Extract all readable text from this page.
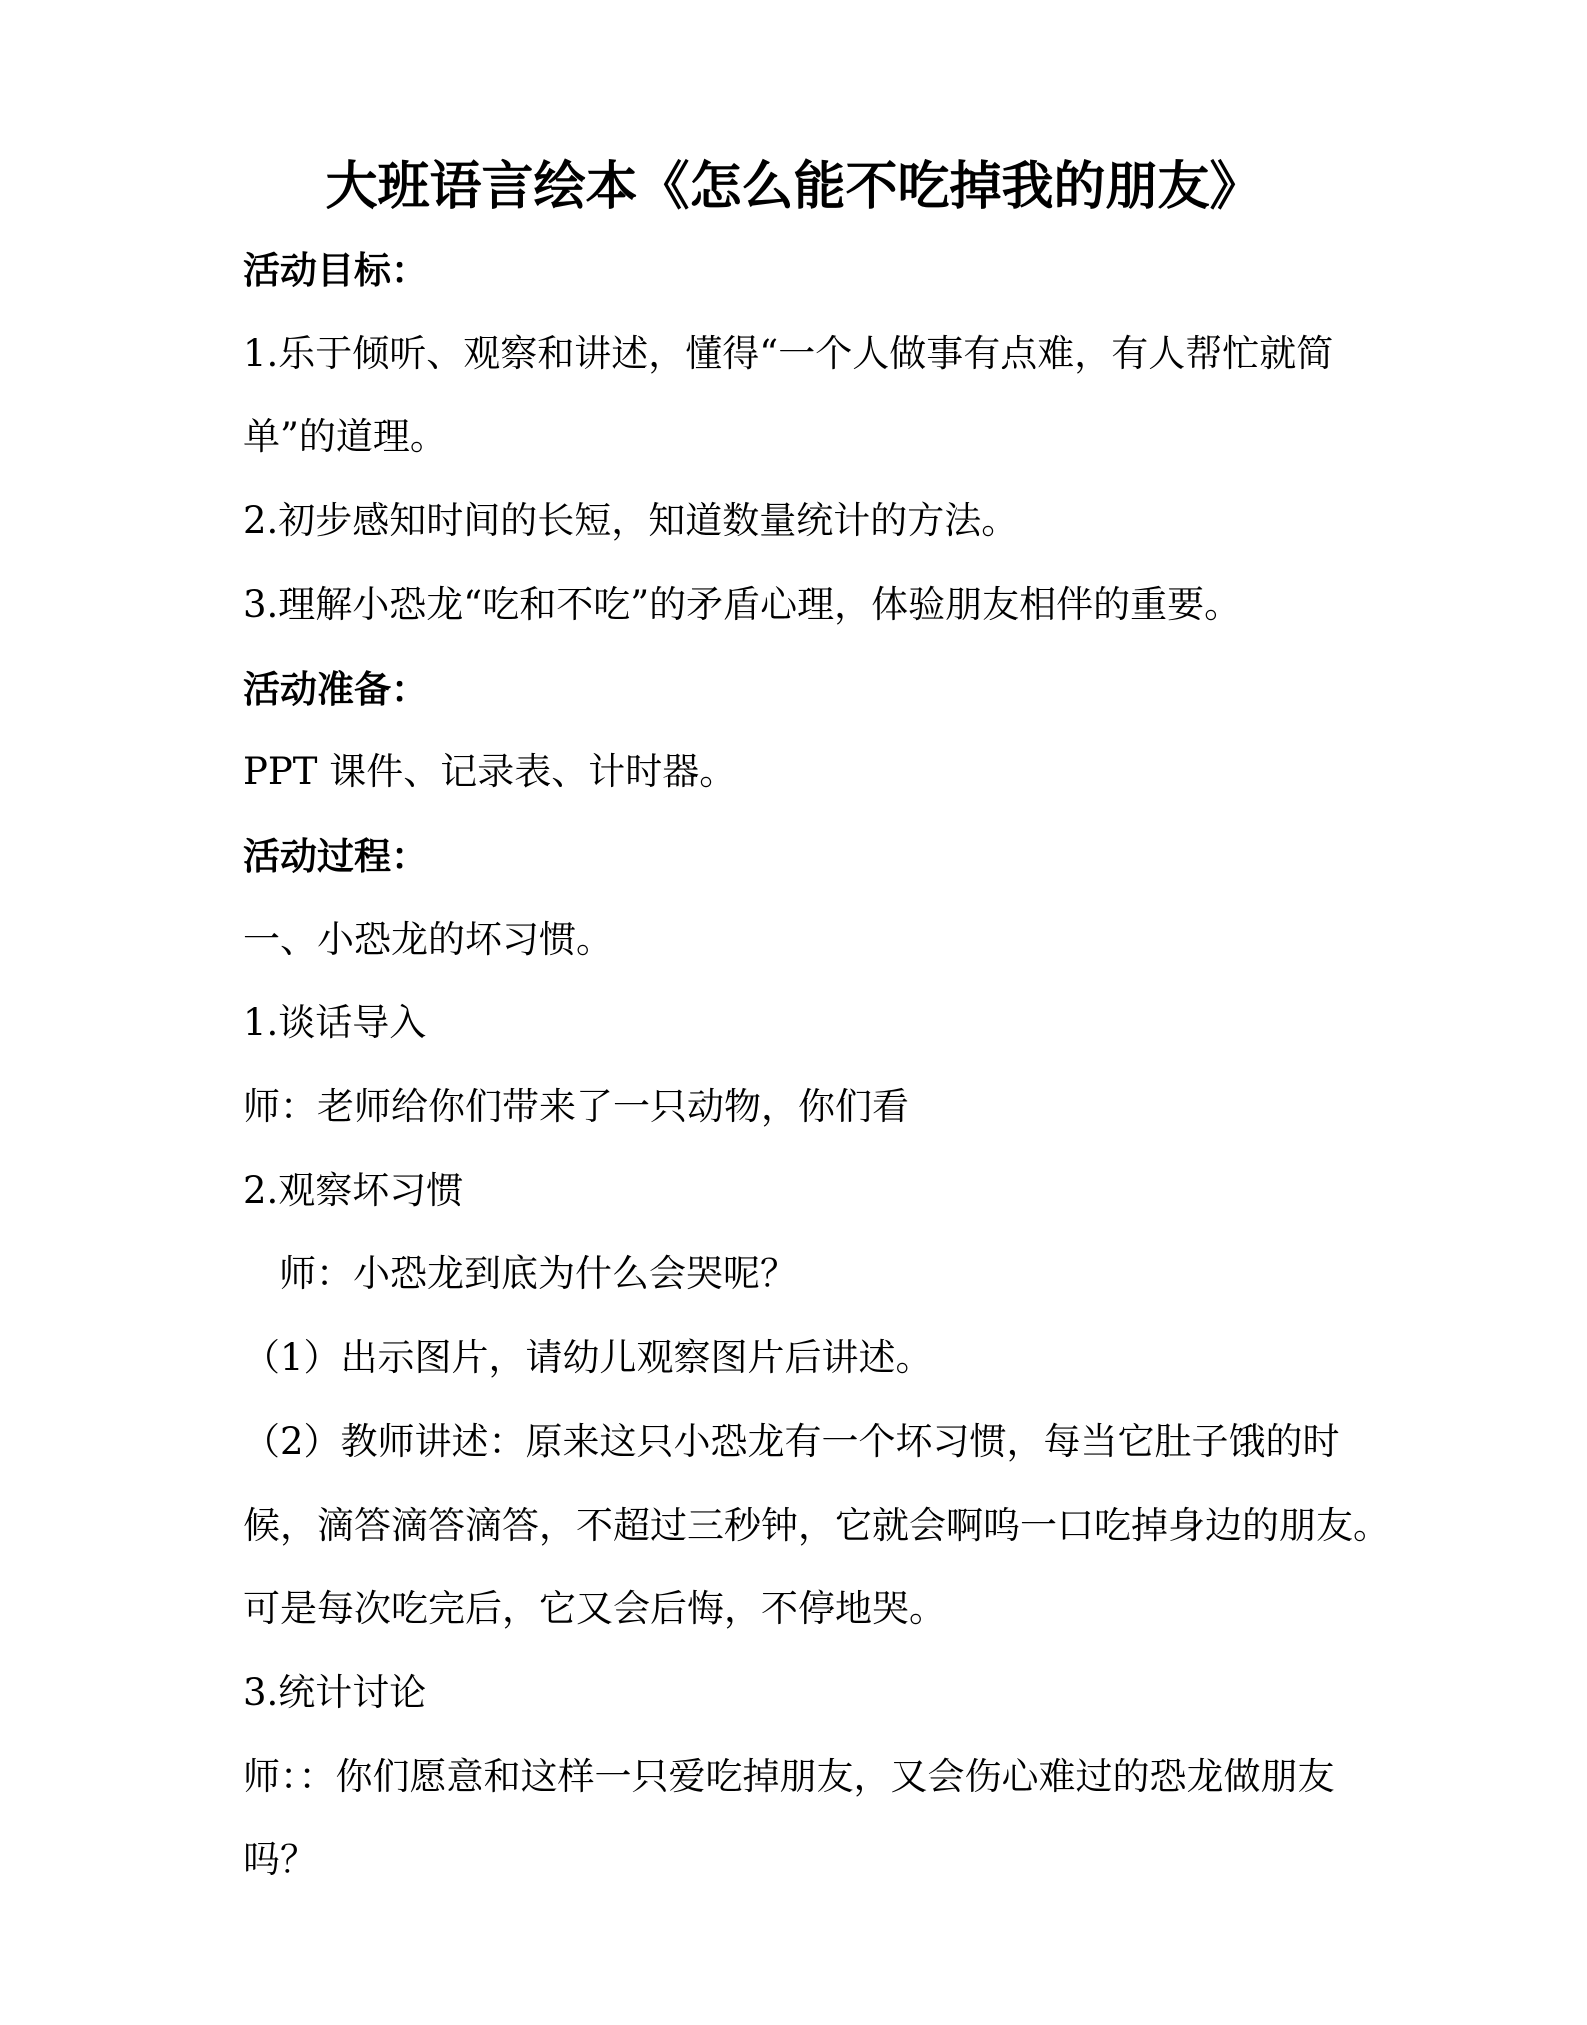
大班语言绘本《怎么能不吃掉我的朋友》
活动目标：
1.乐于倾听、观察和讲述，懂得“一个人做事有点难，有人帮忙就简
单”的道理。
2.初步感知时间的长短，知道数量统计的方法。
3.理解小恐龙“吃和不吃”的矛盾心理，体验朋友相伴的重要。
活动准备：
PPT 课件、记录表、计时器。
活动过程：
一、小恐龙的坏习惯。
1.谈话导入
师：老师给你们带来了一只动物，你们看
2.观察坏习惯
师：小恐龙到底为什么会哭呢？
（1）出示图片，请幼儿观察图片后讲述。
（2）教师讲述：原来这只小恐龙有一个坏习惯，每当它肚子饿的时
候，滴答滴答滴答，不超过三秒钟，它就会啊呜一口吃掉身边的朋友。
可是每次吃完后，它又会后悔，不停地哭。
3.统计讨论
师：：你们愿意和这样一只爱吃掉朋友，又会伤心难过的恐龙做朋友
吗？
